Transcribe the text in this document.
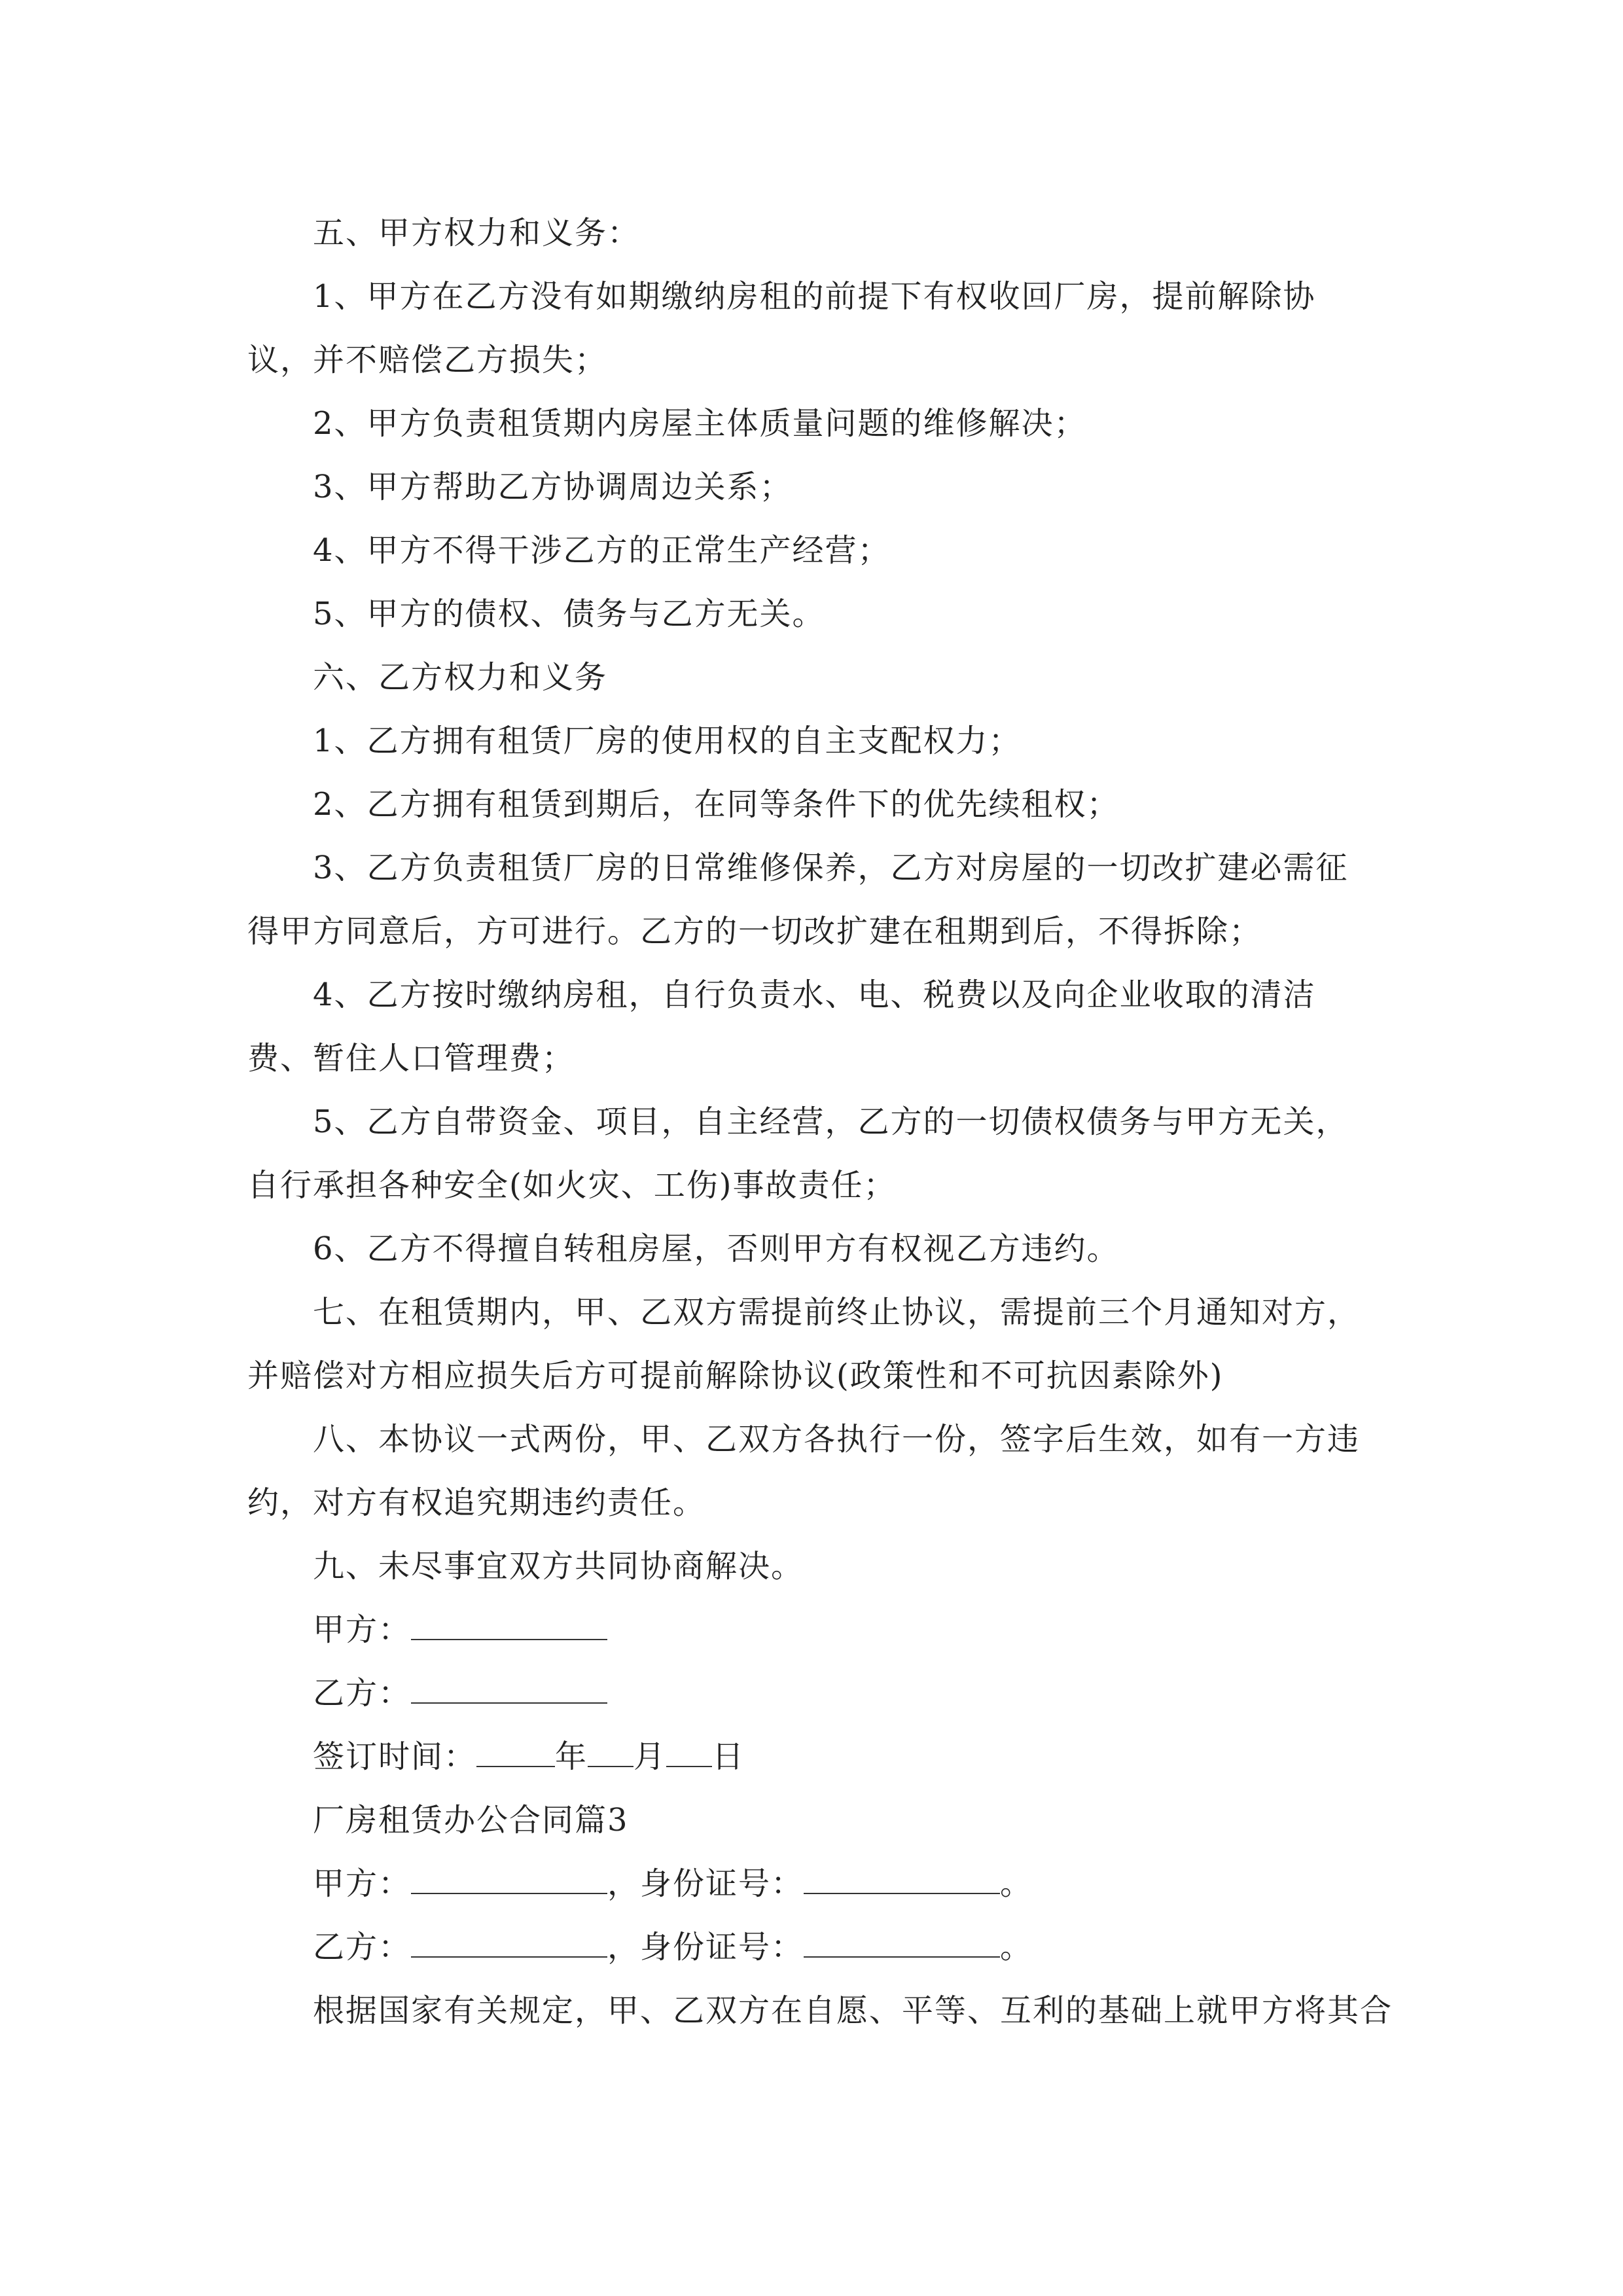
五、甲方权力和义务：

1、甲方在乙方没有如期缴纳房租的前提下有权收回厂房，提前解除协议，并不赔偿乙方损失；

2、甲方负责租赁期内房屋主体质量问题的维修解决；

3、甲方帮助乙方协调周边关系；

4、甲方不得干涉乙方的正常生产经营；

5、甲方的债权、债务与乙方无关。

六、乙方权力和义务

1、乙方拥有租赁厂房的使用权的自主支配权力；

2、乙方拥有租赁到期后，在同等条件下的优先续租权；

3、乙方负责租赁厂房的日常维修保养，乙方对房屋的一切改扩建必需征得甲方同意后，方可进行。乙方的一切改扩建在租期到后，不得拆除；

4、乙方按时缴纳房租，自行负责水、电、税费以及向企业收取的清洁费、暂住人口管理费；

5、乙方自带资金、项目，自主经营，乙方的一切债权债务与甲方无关，自行承担各种安全(如火灾、工伤)事故责任；

6、乙方不得擅自转租房屋，否则甲方有权视乙方违约。

七、在租赁期内，甲、乙双方需提前终止协议，需提前三个月通知对方，并赔偿对方相应损失后方可提前解除协议(政策性和不可抗因素除外)

八、本协议一式两份，甲、乙双方各执行一份，签字后生效，如有一方违约，对方有权追究期违约责任。

九、未尽事宜双方共同协商解决。

甲方：

乙方：

签订时间：	年 月 日

厂房租赁办公合同篇3

甲方：	，身份证号：	。

乙方：	，身份证号：	。

根据国家有关规定，甲、乙双方在自愿、平等、互利的基础上就甲方将其合
